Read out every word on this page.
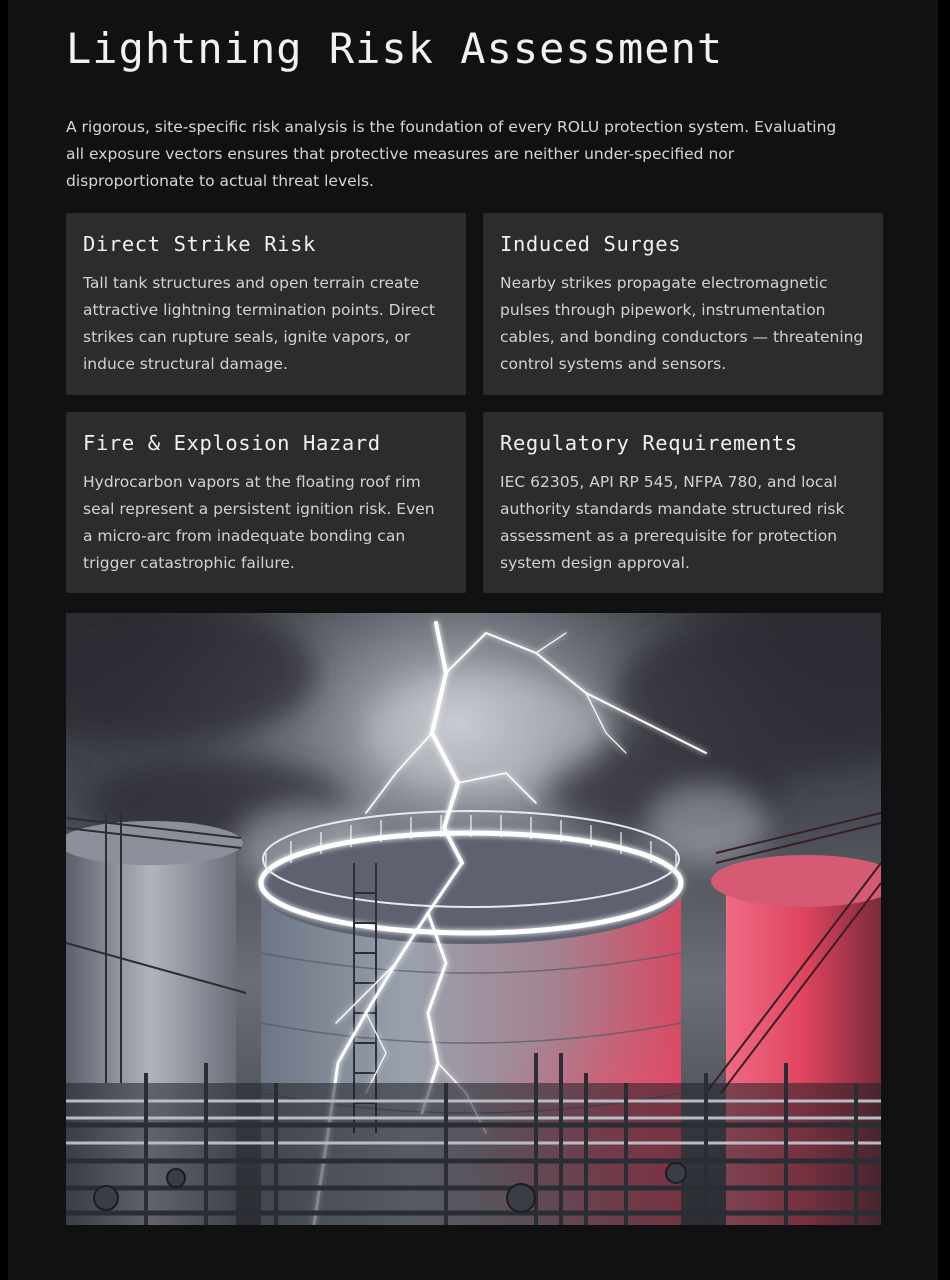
Lightning Risk Assessment

A rigorous, site-specific risk analysis is the foundation of every ROLU protection system. Evaluating all exposure vectors ensures that protective measures are neither under-specified nor disproportionate to actual threat levels.

Direct Strike Risk

Tall tank structures and open terrain create attractive lightning termination points. Direct strikes can rupture seals, ignite vapors, or induce structural damage.

Induced Surges

Nearby strikes propagate electromagnetic pulses through pipework, instrumentation cables, and bonding conductors — threatening control systems and sensors.

Fire & Explosion Hazard

Hydrocarbon vapors at the floating roof rim seal represent a persistent ignition risk. Even a micro-arc from inadequate bonding can trigger catastrophic failure.

Regulatory Requirements

IEC 62305, API RP 545, NFPA 780, and local authority standards mandate structured risk assessment as a prerequisite for protection system design approval.
